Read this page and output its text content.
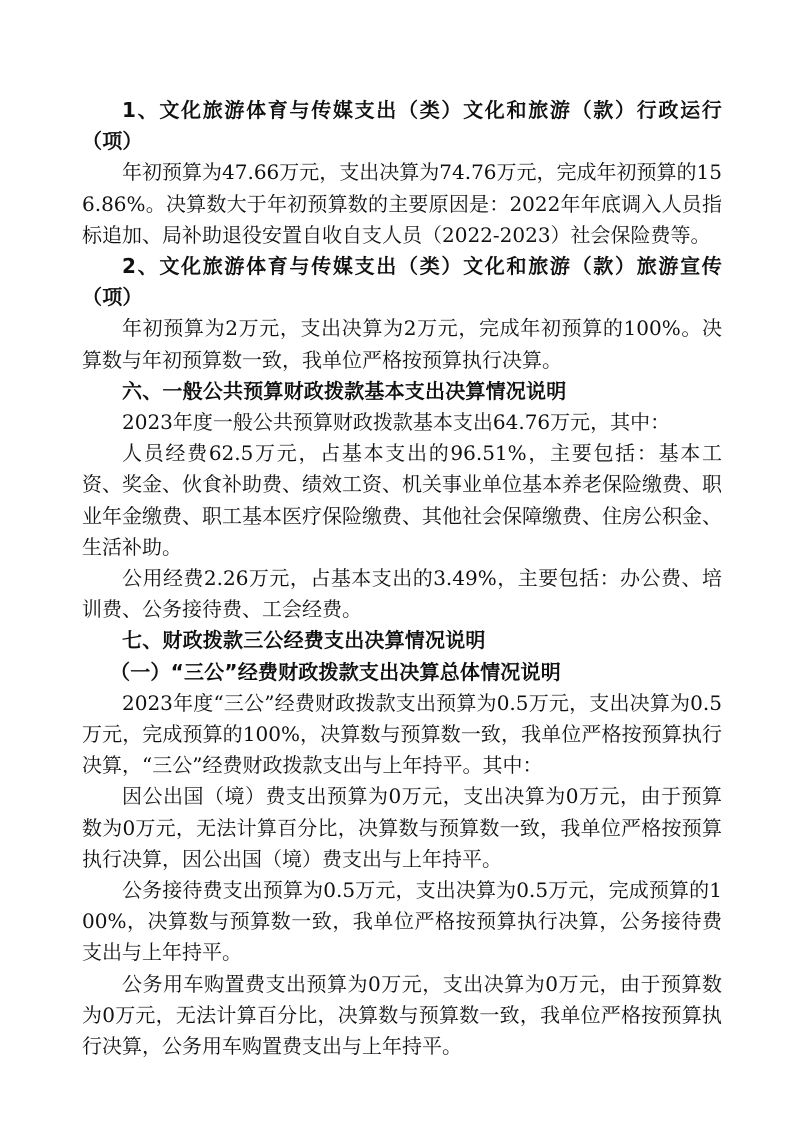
1、文化旅游体育与传媒支出（类）文化和旅游（款）行政运行（项）

年初预算为47.66万元，支出决算为74.76万元，完成年初预算的156.86%。决算数大于年初预算数的主要原因是：2022年年底调入人员指标追加、局补助退役安置自收自支人员（2022-2023）社会保险费等。

2、文化旅游体育与传媒支出（类）文化和旅游（款）旅游宣传（项）

年初预算为2万元，支出决算为2万元，完成年初预算的100%。决算数与年初预算数一致，我单位严格按预算执行决算。

六、一般公共预算财政拨款基本支出决算情况说明

2023年度一般公共预算财政拨款基本支出64.76万元，其中：

人员经费62.5万元，占基本支出的96.51%，主要包括：基本工资、奖金、伙食补助费、绩效工资、机关事业单位基本养老保险缴费、职业年金缴费、职工基本医疗保险缴费、其他社会保障缴费、住房公积金、生活补助。

公用经费2.26万元，占基本支出的3.49%，主要包括：办公费、培训费、公务接待费、工会经费。

七、财政拨款三公经费支出决算情况说明

（一）“三公”经费财政拨款支出决算总体情况说明

2023年度“三公”经费财政拨款支出预算为0.5万元，支出决算为0.5万元，完成预算的100%，决算数与预算数一致，我单位严格按预算执行决算，“三公”经费财政拨款支出与上年持平。其中：

因公出国（境）费支出预算为0万元，支出决算为0万元，由于预算数为0万元，无法计算百分比，决算数与预算数一致，我单位严格按预算执行决算，因公出国（境）费支出与上年持平。

公务接待费支出预算为0.5万元，支出决算为0.5万元，完成预算的100%，决算数与预算数一致，我单位严格按预算执行决算，公务接待费支出与上年持平。

公务用车购置费支出预算为0万元，支出决算为0万元，由于预算数为0万元，无法计算百分比，决算数与预算数一致，我单位严格按预算执行决算，公务用车购置费支出与上年持平。
